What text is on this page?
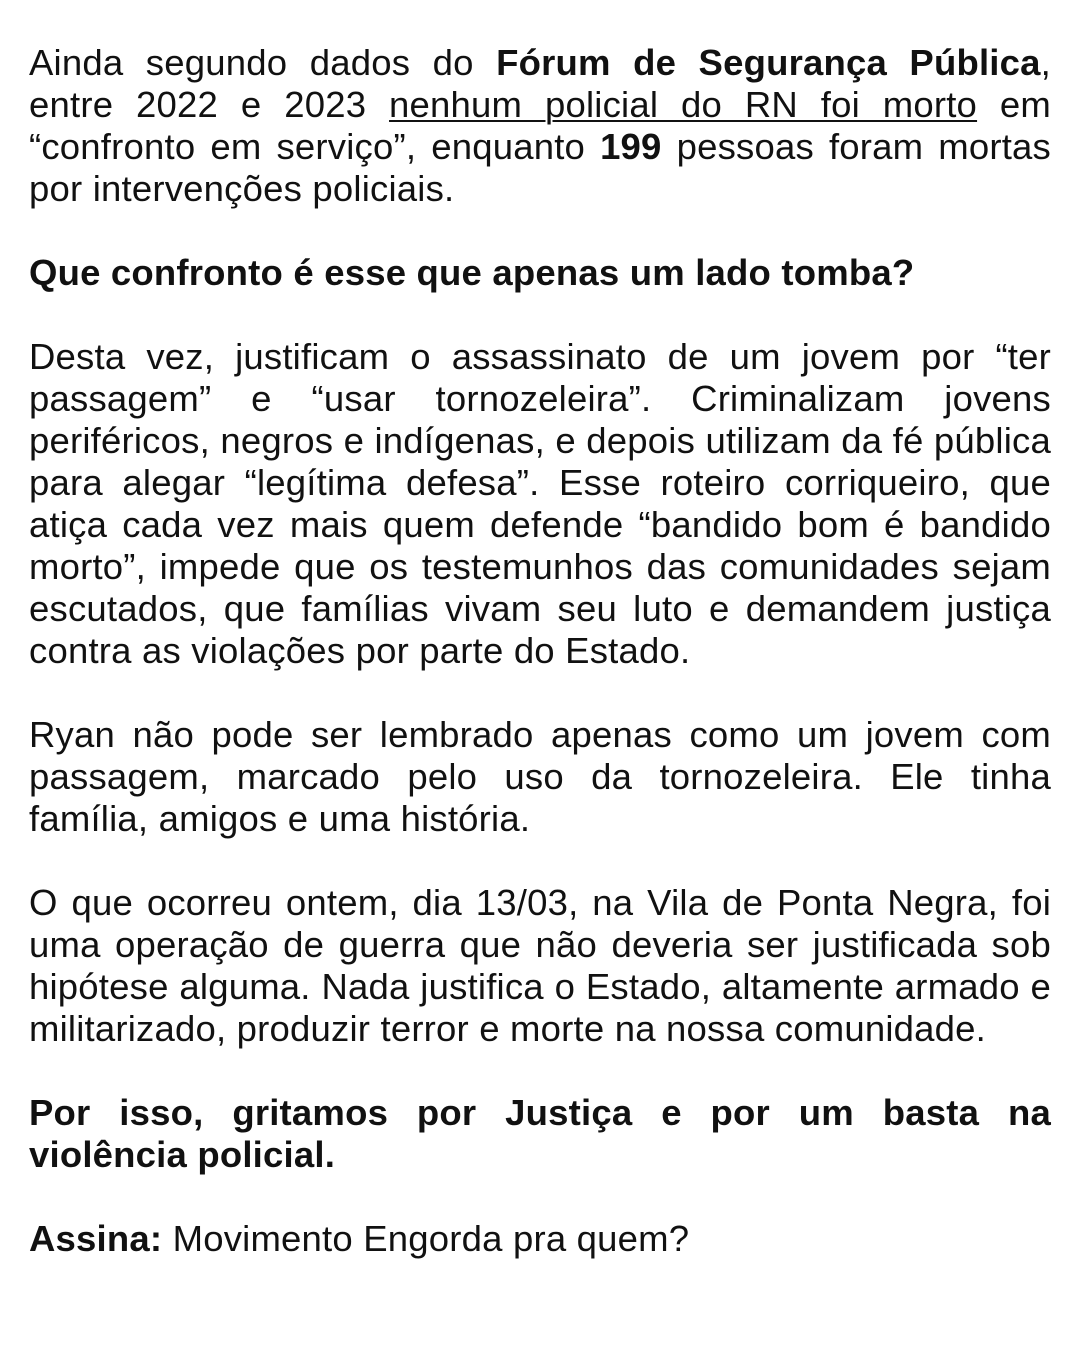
Ainda segundo dados do Fórum de Segurança Pública, entre 2022 e 2023 nenhum policial do RN foi morto em “confronto em serviço”, enquanto 199 pessoas foram mortas por intervenções policiais.

Que confronto é esse que apenas um lado tomba?

Desta vez, justificam o assassinato de um jovem por “ter passagem” e “usar tornozeleira”. Criminalizam jovens periféricos, negros e indígenas, e depois utilizam da fé pública para alegar “legítima defesa”. Esse roteiro corriqueiro, que atiça cada vez mais quem defende “bandido bom é bandido morto”, impede que os testemunhos das comunidades sejam escutados, que famílias vivam seu luto e demandem justiça contra as violações por parte do Estado.

Ryan não pode ser lembrado apenas como um jovem com passagem, marcado pelo uso da tornozeleira. Ele tinha família, amigos e uma história.

O que ocorreu ontem, dia 13/03, na Vila de Ponta Negra, foi uma operação de guerra que não deveria ser justificada sob hipótese alguma. Nada justifica o Estado, altamente armado e militarizado, produzir terror e morte na nossa comunidade.

Por isso, gritamos por Justiça e por um basta na violência policial.

Assina: Movimento Engorda pra quem?
